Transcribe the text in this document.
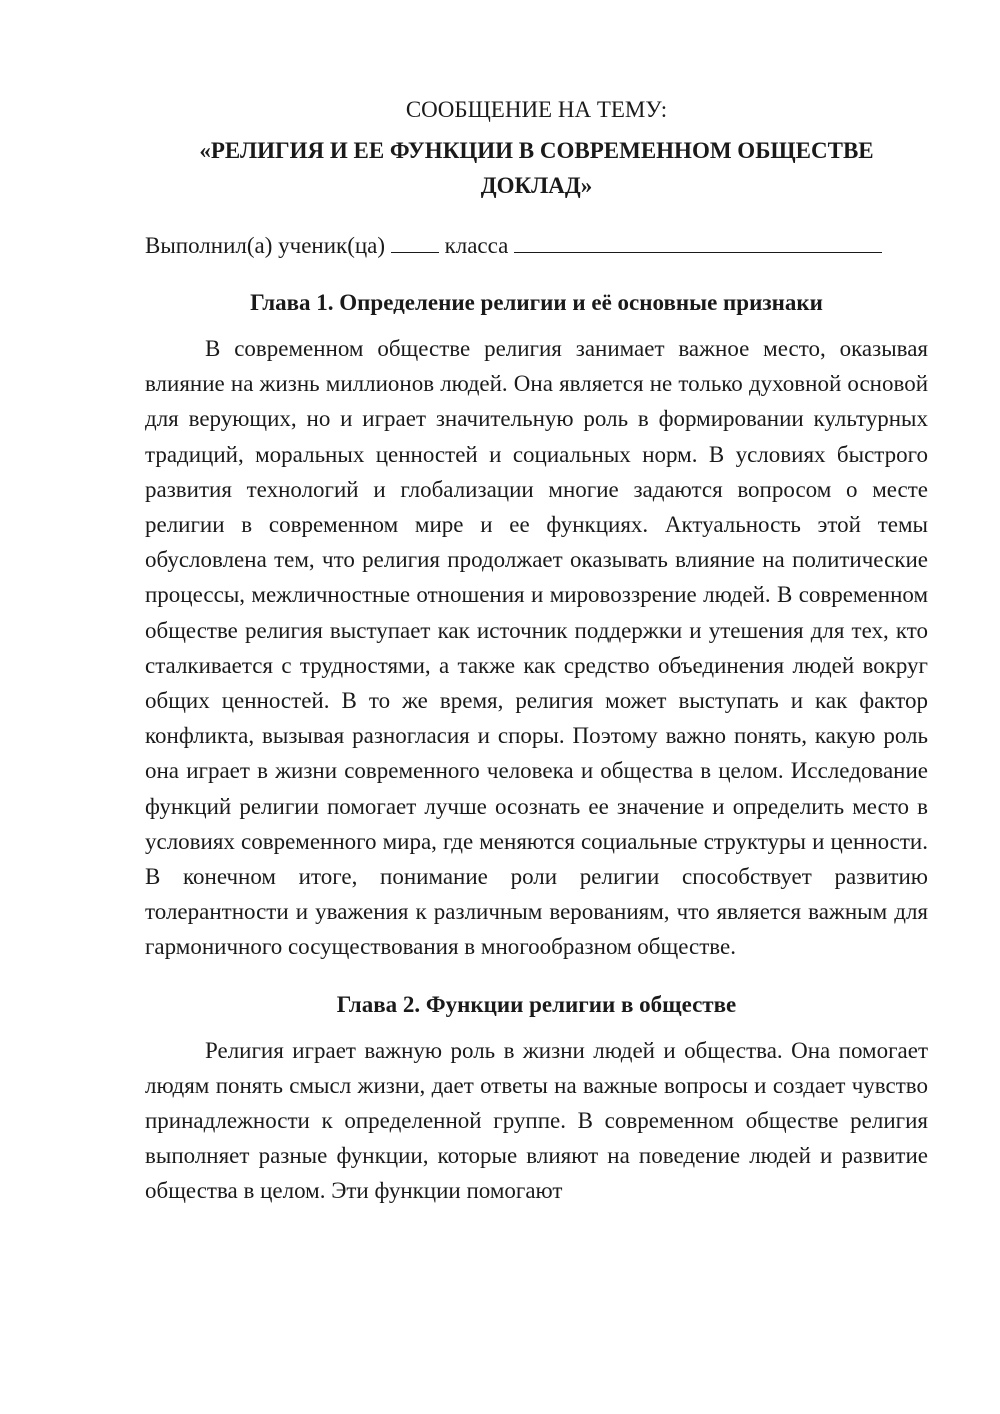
СООБЩЕНИЕ НА ТЕМУ:

«РЕЛИГИЯ И ЕЕ ФУНКЦИИ В СОВРЕМЕННОМ ОБЩЕСТВЕ

ДОКЛАД»

Выполнил(а) ученик(ца)	класса
Глава 1. Определение религии и её основные признаки

В современном обществе религия занимает важное место, оказывая влияние на жизнь миллионов людей. Она является не только духовной основой для верующих, но и играет значительную роль в формировании культурных традиций, моральных ценностей и социальных норм. В условиях быстрого развития технологий и глобализации многие задаются вопросом о месте религии в современном мире и ее функциях. Актуальность этой темы обусловлена тем, что религия продолжает оказывать влияние на политические процессы, межличностные отношения и мировоззрение людей. В современном обществе религия выступает как источник поддержки и утешения для тех, кто сталкивается с трудностями, а также как средство объединения людей вокруг общих ценностей. В то же время, религия может выступать и как фактор конфликта, вызывая разногласия и споры. Поэтому важно понять, какую роль она играет в жизни современного человека и общества в целом. Исследование функций религии помогает лучше осознать ее значение и определить место в условиях современного мира, где меняются социальные структуры и ценности. В конечном итоге, понимание роли религии способствует развитию толерантности и уважения к различным верованиям, что является важным для гармоничного сосуществования в многообразном обществе.

Глава 2. Функции религии в обществе

Религия играет важную роль в жизни людей и общества. Она помогает людям понять смысл жизни, дает ответы на важные вопросы и создает чувство принадлежности к определенной группе. В современном обществе религия выполняет разные функции, которые влияют на поведение людей и развитие общества в целом. Эти функции помогают
